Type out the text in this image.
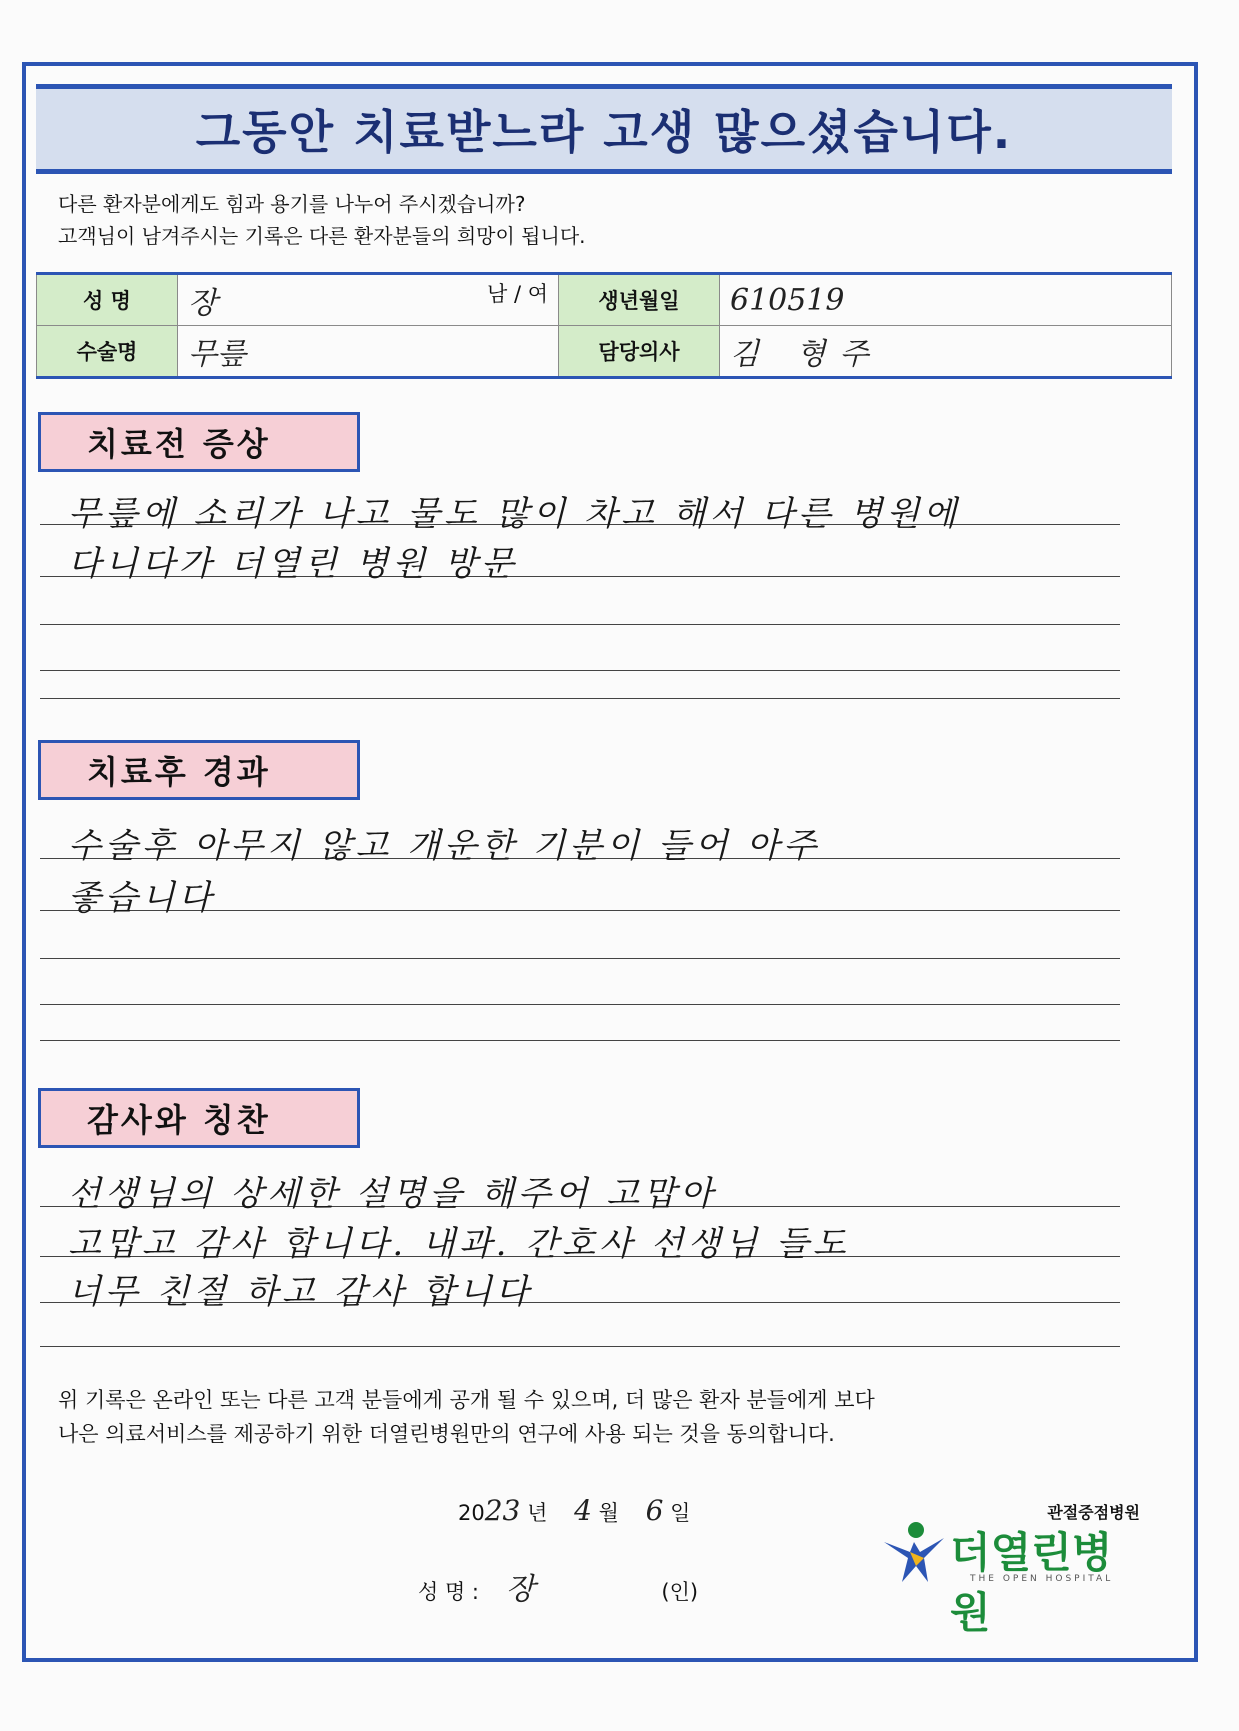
그동안 치료받느라 고생 많으셨습니다.
다른 환자분에게도 힘과 용기를 나누어 주시겠습니까?
고객님이 남겨주시는 기록은 다른 환자분들의 희망이 됩니다.
성 명	장 남 / 여	생년월일	610519
수술명	무릎	담당의사	김 형주
치료전 증상
무릎에 소리가 나고 물도 많이 차고 해서 다른 병원에
다니다가 더열린 병원 방문
치료후 경과
수술후 아무지 않고 개운한 기분이 들어 아주
좋습니다
감사와 칭찬
선생님의 상세한 설명을 해주어 고맙아
고맙고 감사 합니다. 내과. 간호사 선생님 들도
너무 친절 하고 감사 합니다
위 기록은 온라인 또는 다른 고객 분들에게 공개 될 수 있으며, 더 많은 환자 분들에게 보다
나은 의료서비스를 제공하기 위한 더열린병원만의 연구에 사용 되는 것을 동의합니다.
2023 년 4 월 6 일
성 명 : 장	(인)
관절중점병원
더열린병원
THE OPEN HOSPITAL
